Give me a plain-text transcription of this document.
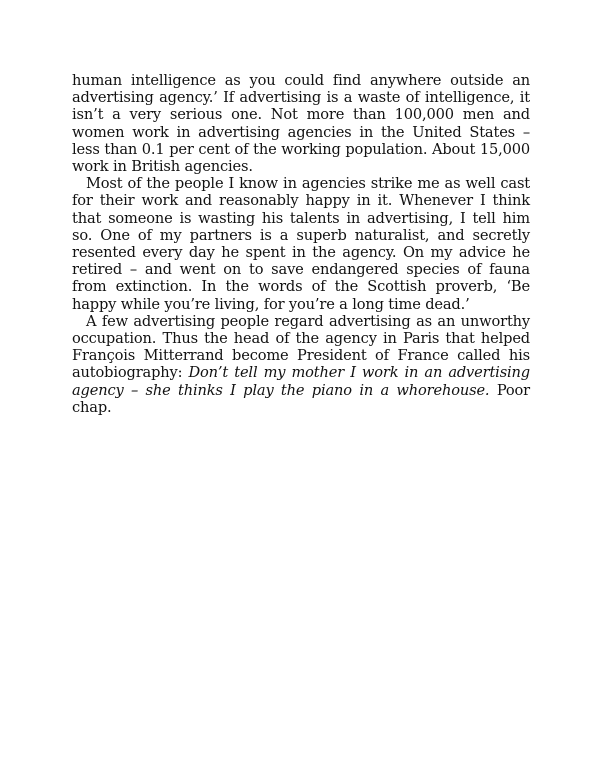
human intelligence as you could find anywhere outside an advertising agency.’ If advertising is a waste of intelligence, it isn’t a very serious one. Not more than 100,000 men and women work in advertising agencies in the United States – less than 0.1 per cent of the working population. About 15,000 work in British agencies.

Most of the people I know in agencies strike me as well cast for their work and reasonably happy in it. Whenever I think that someone is wasting his talents in advertising, I tell him so. One of my partners is a superb naturalist, and secretly resented every day he spent in the agency. On my advice he retired – and went on to save endangered species of fauna from extinction. In the words of the Scottish proverb, ‘Be happy while you’re living, for you’re a long time dead.’

A few advertising people regard advertising as an unworthy occupation. Thus the head of the agency in Paris that helped François Mitterrand become President of France called his autobiography: Don’t tell my mother I work in an advertising agency – she thinks I play the piano in a whorehouse. Poor chap.
